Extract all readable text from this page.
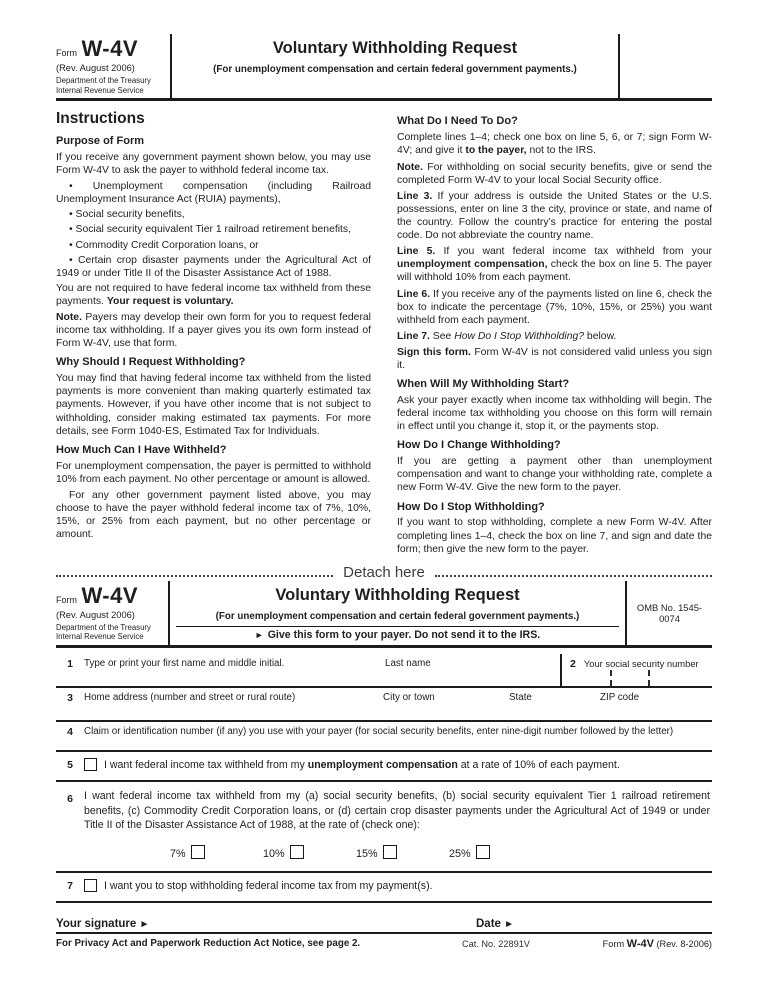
Form W-4V
(Rev. August 2006)
Department of the Treasury
Internal Revenue Service
Voluntary Withholding Request
(For unemployment compensation and certain federal government payments.)
Instructions
Purpose of Form
If you receive any government payment shown below, you may use Form W-4V to ask the payer to withhold federal income tax.
• Unemployment compensation (including Railroad Unemployment Insurance Act (RUIA) payments),
• Social security benefits,
• Social security equivalent Tier 1 railroad retirement benefits,
• Commodity Credit Corporation loans, or
• Certain crop disaster payments under the Agricultural Act of 1949 or under Title II of the Disaster Assistance Act of 1988.
You are not required to have federal income tax withheld from these payments. Your request is voluntary.
Note. Payers may develop their own form for you to request federal income tax withholding. If a payer gives you its own form instead of Form W-4V, use that form.
Why Should I Request Withholding?
You may find that having federal income tax withheld from the listed payments is more convenient than making quarterly estimated tax payments. However, if you have other income that is not subject to withholding, consider making estimated tax payments. For more details, see Form 1040-ES, Estimated Tax for Individuals.
How Much Can I Have Withheld?
For unemployment compensation, the payer is permitted to withhold 10% from each payment. No other percentage or amount is allowed.
For any other government payment listed above, you may choose to have the payer withhold federal income tax of 7%, 10%, 15%, or 25% from each payment, but no other percentage or amount.
What Do I Need To Do?
Complete lines 1–4; check one box on line 5, 6, or 7; sign Form W-4V; and give it to the payer, not to the IRS.
Note. For withholding on social security benefits, give or send the completed Form W-4V to your local Social Security office.
Line 3. If your address is outside the United States or the U.S. possessions, enter on line 3 the city, province or state, and name of the country. Follow the country’s practice for entering the postal code. Do not abbreviate the country name.
Line 5. If you want federal income tax withheld from your unemployment compensation, check the box on line 5. The payer will withhold 10% from each payment.
Line 6. If you receive any of the payments listed on line 6, check the box to indicate the percentage (7%, 10%, 15%, or 25%) you want withheld from each payment.
Line 7. See How Do I Stop Withholding? below.
Sign this form. Form W-4V is not considered valid unless you sign it.
When Will My Withholding Start?
Ask your payer exactly when income tax withholding will begin. The federal income tax withholding you choose on this form will remain in effect until you change it, stop it, or the payments stop.
How Do I Change Withholding?
If you are getting a payment other than unemployment compensation and want to change your withholding rate, complete a new Form W-4V. Give the new form to the payer.
How Do I Stop Withholding?
If you want to stop withholding, complete a new Form W-4V. After completing lines 1–4, check the box on line 7, and sign and date the form; then give the new form to the payer.
Detach here
Form W-4V
(Rev. August 2006)
Department of the Treasury
Internal Revenue Service
Voluntary Withholding Request
(For unemployment compensation and certain federal government payments.)
► Give this form to your payer. Do not send it to the IRS.
OMB No. 1545-0074
1	Type or print your first name and middle initial.	Last name	2 Your social security number
3	Home address (number and street or rural route)	City or town	State	ZIP code
4	Claim or identification number (if any) you use with your payer (for social security benefits, enter nine-digit number followed by the letter)
5	I want federal income tax withheld from my unemployment compensation at a rate of 10% of each payment.
6	I want federal income tax withheld from my (a) social security benefits, (b) social security equivalent Tier 1 railroad retirement benefits, (c) Commodity Credit Corporation loans, or (d) certain crop disaster payments under the Agricultural Act of 1949 or under Title II of the Disaster Assistance Act of 1988, at the rate of (check one):
7%	10%	15%	25%
7	I want you to stop withholding federal income tax from my payment(s).
Your signature ►	Date ►
For Privacy Act and Paperwork Reduction Act Notice, see page 2.	Cat. No. 22891V	Form W-4V (Rev. 8-2006)
